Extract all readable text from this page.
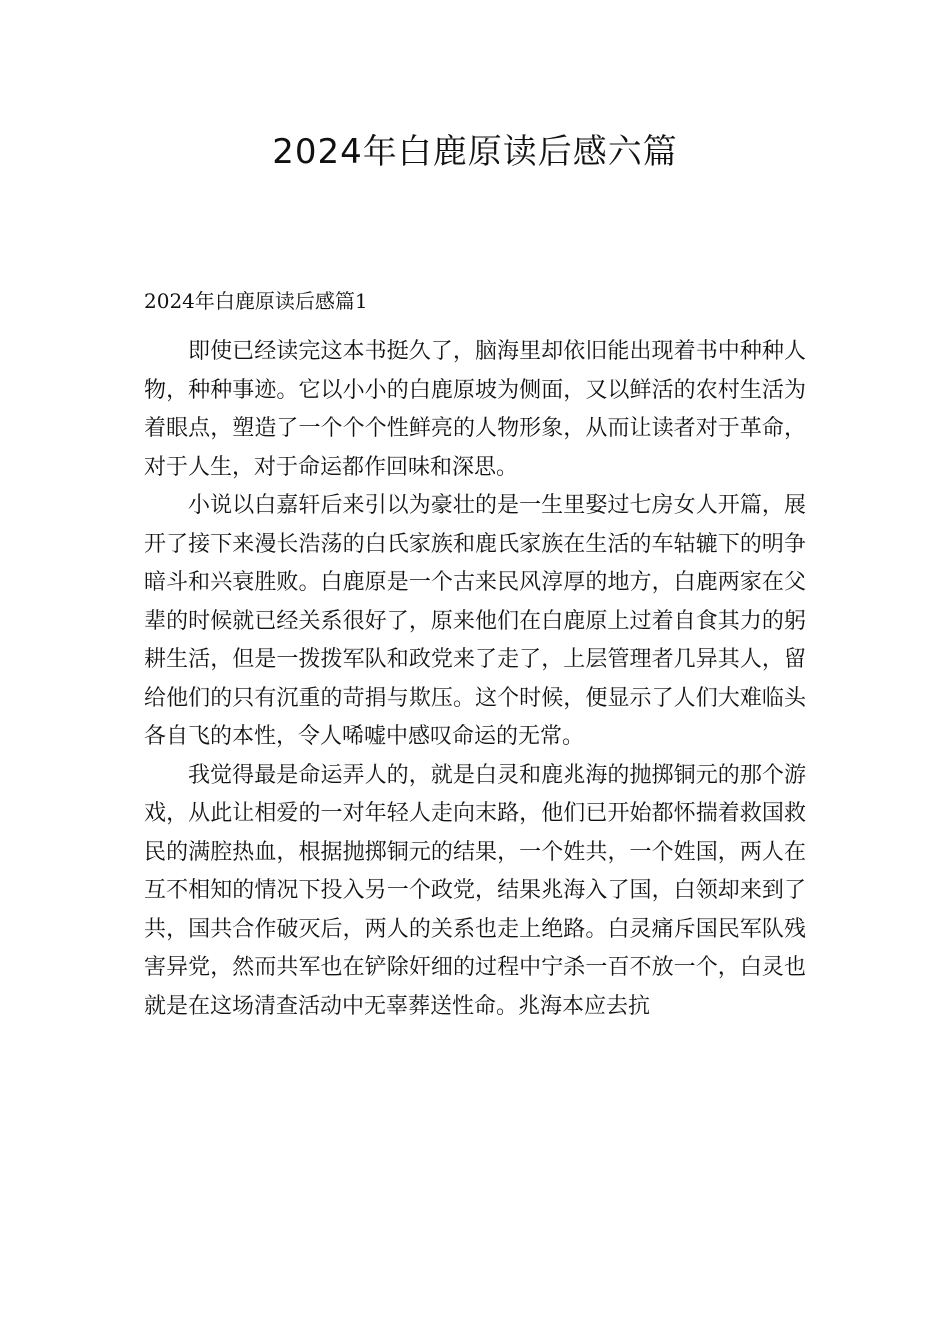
2024年白鹿原读后感六篇
2024年白鹿原读后感篇1

即使已经读完这本书挺久了，脑海里却依旧能出现着书中种种人物，种种事迹。它以小小的白鹿原坡为侧面，又以鲜活的农村生活为着眼点，塑造了一个个个性鲜亮的人物形象，从而让读者对于革命，对于人生，对于命运都作回味和深思。

小说以白嘉轩后来引以为豪壮的是一生里娶过七房女人开篇，展开了接下来漫长浩荡的白氏家族和鹿氏家族在生活的车轱辘下的明争暗斗和兴衰胜败。白鹿原是一个古来民风淳厚的地方，白鹿两家在父辈的时候就已经关系很好了，原来他们在白鹿原上过着自食其力的躬耕生活，但是一拨拨军队和政党来了走了，上层管理者几异其人，留给他们的只有沉重的苛捐与欺压。这个时候，便显示了人们大难临头各自飞的本性，令人唏嘘中感叹命运的无常。

我觉得最是命运弄人的，就是白灵和鹿兆海的抛掷铜元的那个游戏，从此让相爱的一对年轻人走向末路，他们已开始都怀揣着救国救民的满腔热血，根据抛掷铜元的结果，一个姓共，一个姓国，两人在互不相知的情况下投入另一个政党，结果兆海入了国，白领却来到了共，国共合作破灭后，两人的关系也走上绝路。白灵痛斥国民军队残害异党，然而共军也在铲除奸细的过程中宁杀一百不放一个，白灵也就是在这场清查活动中无辜葬送性命。兆海本应去抗
